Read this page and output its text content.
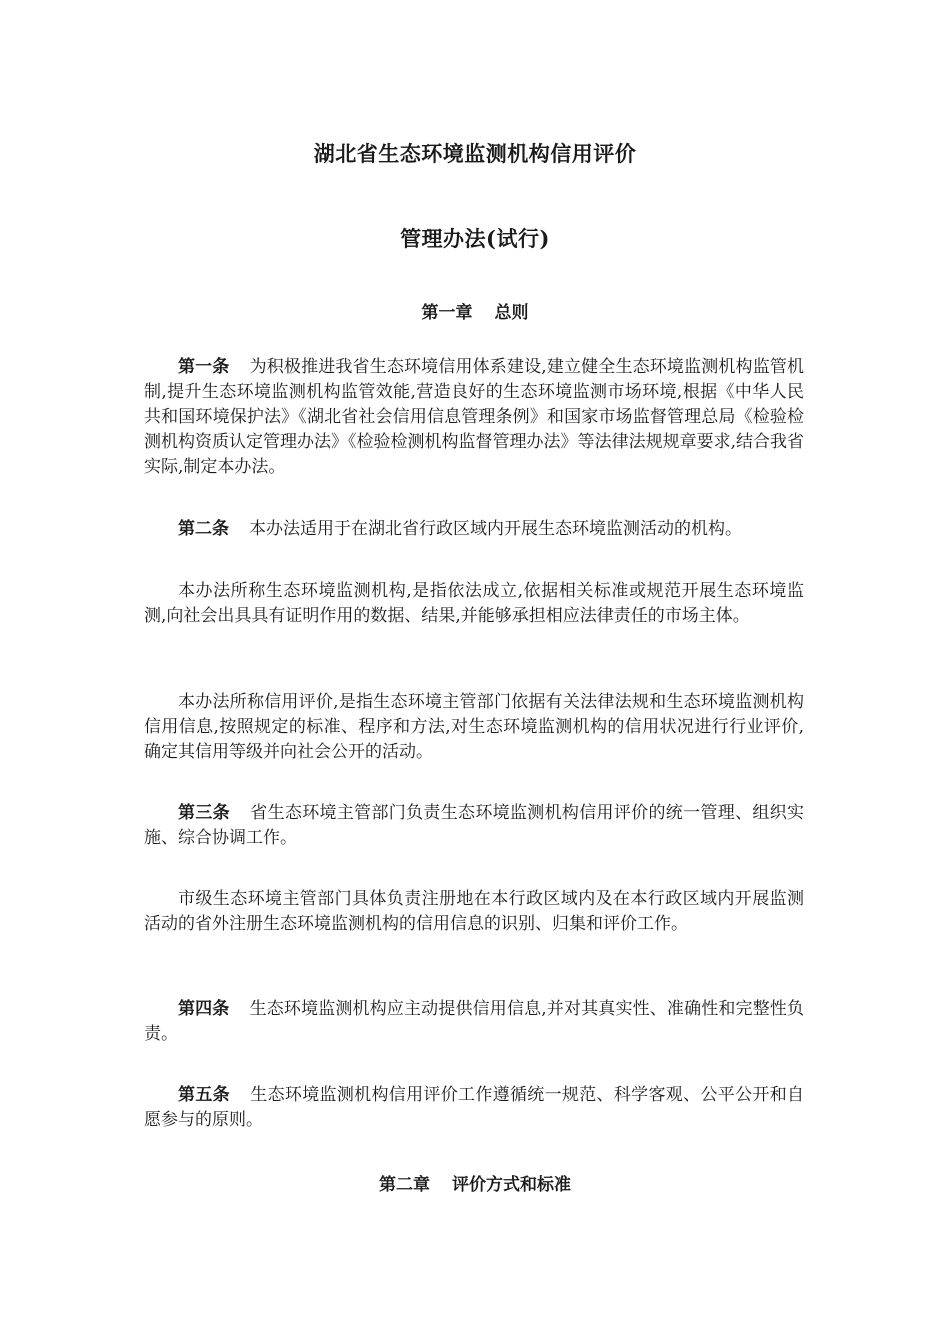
湖北省生态环境监测机构信用评价
管理办法(试行)
第一章 总则

第一条 为积极推进我省生态环境信用体系建设,建立健全生态环境监测机构监管机制,提升生态环境监测机构监管效能,营造良好的生态环境监测市场环境,根据《中华人民共和国环境保护法》《湖北省社会信用信息管理条例》和国家市场监督管理总局《检验检测机构资质认定管理办法》《检验检测机构监督管理办法》等法律法规规章要求,结合我省实际,制定本办法。

第二条 本办法适用于在湖北省行政区域内开展生态环境监测活动的机构。

本办法所称生态环境监测机构,是指依法成立,依据相关标准或规范开展生态环境监测,向社会出具具有证明作用的数据、结果,并能够承担相应法律责任的市场主体。

本办法所称信用评价,是指生态环境主管部门依据有关法律法规和生态环境监测机构信用信息,按照规定的标准、程序和方法,对生态环境监测机构的信用状况进行行业评价,确定其信用等级并向社会公开的活动。

第三条 省生态环境主管部门负责生态环境监测机构信用评价的统一管理、组织实施、综合协调工作。

市级生态环境主管部门具体负责注册地在本行政区域内及在本行政区域内开展监测活动的省外注册生态环境监测机构的信用信息的识别、归集和评价工作。

第四条 生态环境监测机构应主动提供信用信息,并对其真实性、准确性和完整性负责。

第五条 生态环境监测机构信用评价工作遵循统一规范、科学客观、公平公开和自愿参与的原则。

第二章 评价方式和标准
